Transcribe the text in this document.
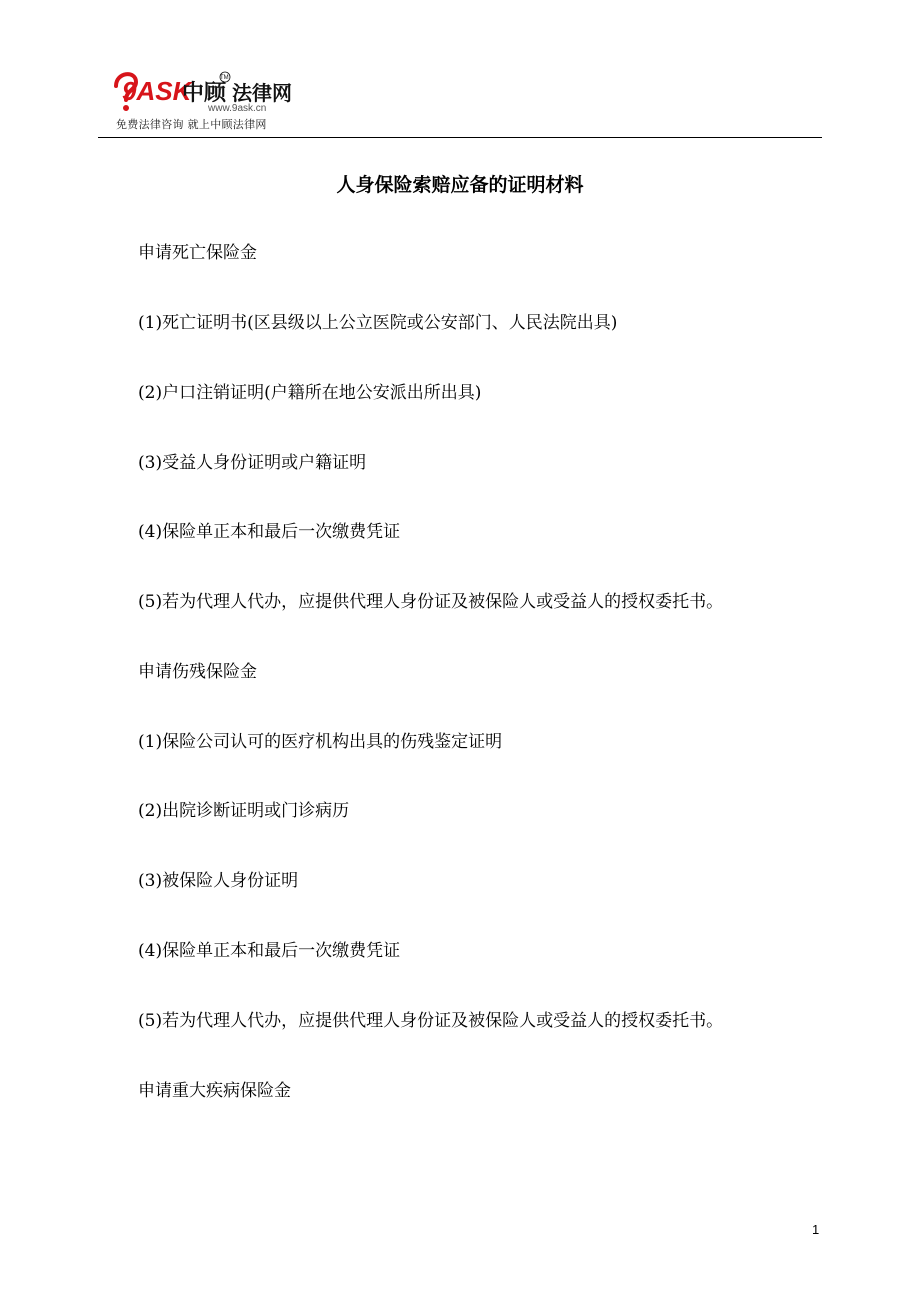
9ASK
中顾 法律网
TM
www.9ask.cn
免费法律咨询 就上中顾法律网
人身保险索赔应备的证明材料

申请死亡保险金

(1)死亡证明书(区县级以上公立医院或公安部门、人民法院出具)

(2)户口注销证明(户籍所在地公安派出所出具)

(3)受益人身份证明或户籍证明

(4)保险单正本和最后一次缴费凭证

(5)若为代理人代办，应提供代理人身份证及被保险人或受益人的授权委托书。

申请伤残保险金

(1)保险公司认可的医疗机构出具的伤残鉴定证明

(2)出院诊断证明或门诊病历

(3)被保险人身份证明

(4)保险单正本和最后一次缴费凭证

(5)若为代理人代办，应提供代理人身份证及被保险人或受益人的授权委托书。

申请重大疾病保险金

1
